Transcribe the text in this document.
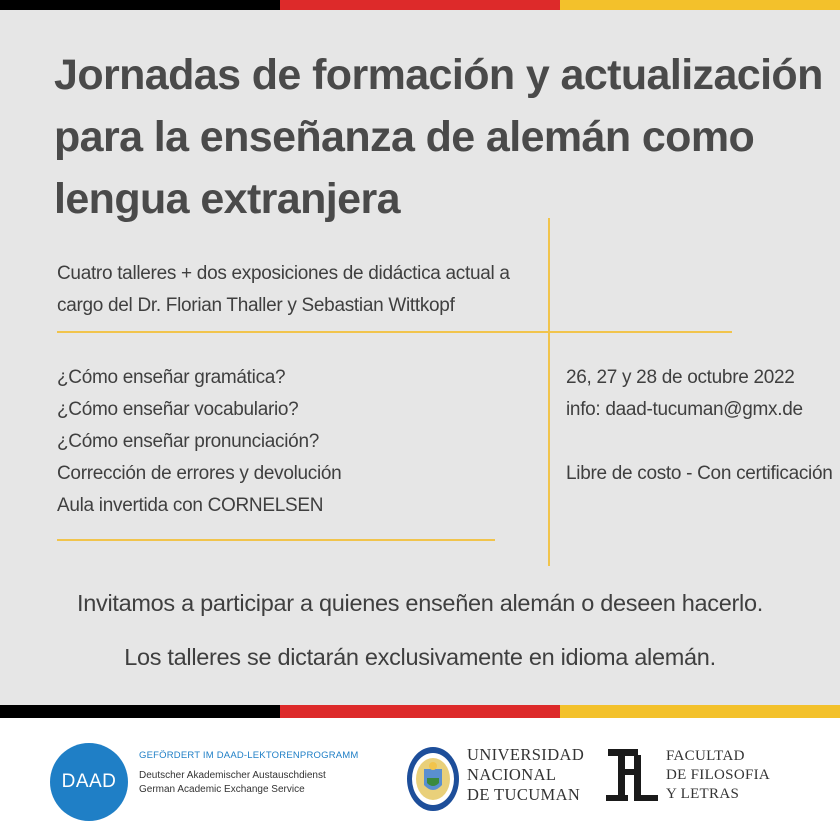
Jornadas de formación y actualización
para la enseñanza de alemán como
lengua extranjera
Cuatro talleres + dos exposiciones de didáctica actual a
cargo del Dr. Florian Thaller y Sebastian Wittkopf
¿Cómo enseñar gramática?
¿Cómo enseñar vocabulario?
¿Cómo enseñar pronunciación?
Corrección de errores y devolución
Aula invertida con CORNELSEN
26, 27 y 28 de octubre 2022
info: daad-tucuman@gmx.de
Libre de costo - Con certificación
Invitamos a participar a quienes enseñen alemán o deseen hacerlo.
Los talleres se dictarán exclusivamente en idioma alemán.
DAAD
GEFÖRDERT IM DAAD-LEKTORENPROGRAMM
Deutscher Akademischer Austauschdienst
German Academic Exchange Service
UNIVERSIDAD
NACIONAL
DE TUCUMAN
FACULTAD
DE FILOSOFIA
Y LETRAS
